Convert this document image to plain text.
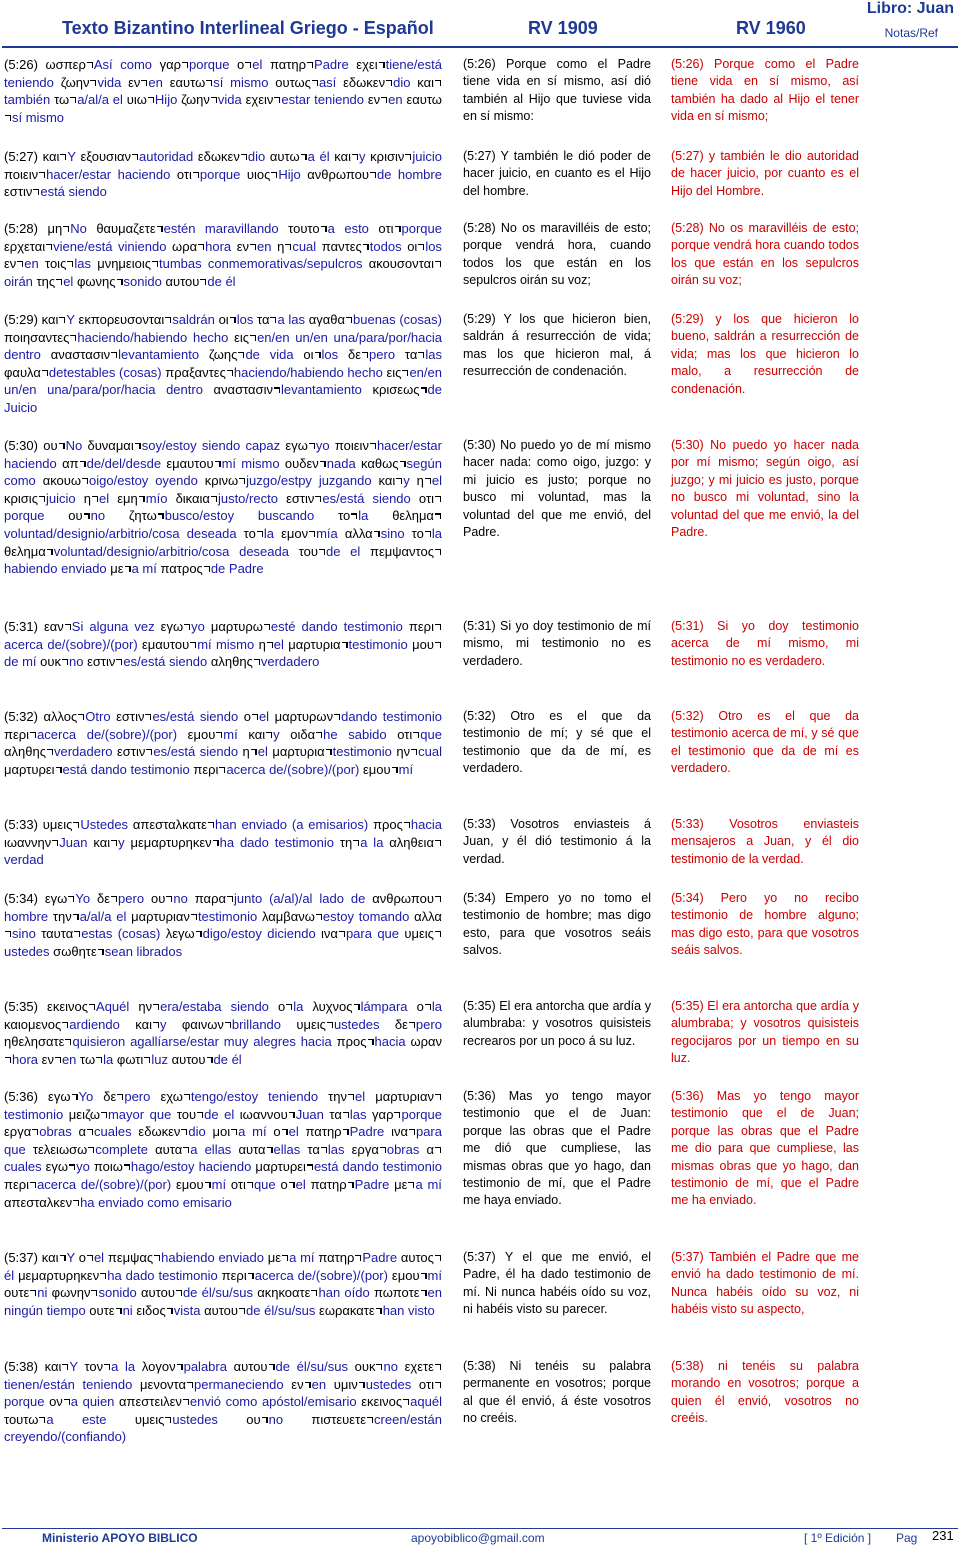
Texto Bizantino Interlineal Griego - Español	RV 1909	RV 1960
Libro: Juan
Notas/Ref
(5:26) ωσπερ Así como γαρ porque ο el πατηρ Padre εχει tiene/está teniendo ζωην vida εν en εαυτω sí mismo ουτως así εδωκεν dio καιtambién τω a/al/a el υιω Hijo ζωην vida εχειν estar teniendo εν en εαυτωsí mismo
(5:26) Porque como el Padre tiene vida en sí mismo, así dió también al Hijo que tuviese vida en sí mismo:
(5:26) Porque como el Padre tiene vida en sí mismo, así también ha dado al Hijo el tener vida en sí mismo;
(5:27) και Y εξουσιαν autoridad εδωκεν dio αυτω a él και y κρισιν juicio ποιειν hacer/estar haciendo οτι porque υιος Hijo ανθρωπου de hombre εστιν está siendo
(5:27) Y también le dió poder de hacer juicio, en cuanto es el Hijo del hombre.
(5:27) y también le dio autoridad de hacer juicio, por cuanto es el Hijo del Hombre.
(5:28) μη No θαυμαζετε estén maravillando τουτο a esto οτι porque ερχεται viene/está viniendo ωρα hora εν en η cual παντες todos οι los εν en τοις las μνημειοις tumbas conmemorativas/sepulcros ακουσονταιoirán της el φωνης sonido αυτου de él
(5:28) No os maravilléis de esto; porque vendrá hora, cuando todos los que están en los sepulcros oirán su voz;
(5:28) No os maravilléis de esto; porque vendrá hora cuando todos los que están en los sepulcros oirán su voz;
(5:29) και Y εκπορευσονται saldrán οι los τα a las αγαθα buenas (cosas) ποιησαντες haciendo/habiendo hecho εις en/en un/en una/para/por/hacia dentro αναστασιν levantamiento ζωης de vida οι los δε pero τα las φαυλα detestables (cosas) πραξαντες haciendo/habiendo hecho εις en/en un/en una/para/por/hacia dentro αναστασιν levantamiento κρισεως de Juicio
(5:29) Y los que hicieron bien, saldrán á resurrección de vida; mas los que hicieron mal, á resurrección de condenación.
(5:29) y los que hicieron lo bueno, saldrán a resurrección de vida; mas los que hicieron lo malo, a resurrección de condenación.
(5:30) ου No δυναμαι soy/estoy siendo capaz εγω yo ποιειν hacer/estar haciendo απ de/del/desde εμαυτου mí mismo ουδεν nada καθως según como ακουω oigo/estoy oyendo κρινω juzgo/estpy juzgando και y η el κρισις juicio η el εμη mío δικαια justo/recto εστιν es/está siendo οτιporque ου no ζητω busco/estoy buscando το la θελημαvoluntad/designio/arbitrio/cosa deseada το la εμον mía αλλα sino το la θελημα voluntad/designio/arbitrio/cosa deseada του de el πεμψαντοςhabiendo enviado με a mí πατρος de Padre
(5:30) No puedo yo de mí mismo hacer nada: como oigo, juzgo: y mi juicio es justo; porque no busco mi voluntad, mas la voluntad del que me envió, del Padre.
(5:30) No puedo yo hacer nada por mí mismo; según oigo, así juzgo; y mi juicio es justo, porque no busco mi voluntad, sino la voluntad del que me envió, la del Padre.
(5:31) εαν Si alguna vez εγω yo μαρτυρω esté dando testimonio περιacerca de/(sobre)/(por) εμαυτου mí mismo η el μαρτυρια testimonio μουde mí ουκ no εστιν es/está siendo αληθης verdadero
(5:31) Si yo doy testimonio de mí mismo, mi testimonio no es verdadero.
(5:31) Si yo doy testimonio acerca de mí mismo, mi testimonio no es verdadero.
(5:32) αλλος Otro εστιν es/está siendo ο el μαρτυρων dando testimonio περι acerca de/(sobre)/(por) εμου mí και y οιδα he sabido οτι que αληθης verdadero εστιν es/está siendo η el μαρτυρια testimonio ην cual μαρτυρει está dando testimonio περι acerca de/(sobre)/(por) εμου mí
(5:32) Otro es el que da testimonio de mí; y sé que el testimonio que da de mí, es verdadero.
(5:32) Otro es el que da testimonio acerca de mí, y sé que el testimonio que da de mí es verdadero.
(5:33) υμεις Ustedes απεσταλκατε han enviado (a emisarios) προς hacia ιωαννην Juan και y μεμαρτυρηκεν ha dado testimonio τη a la αληθειαverdad
(5:33) Vosotros enviasteis á Juan, y él dió testimonio á la verdad.
(5:33) Vosotros enviasteis mensajeros a Juan, y él dio testimonio de la verdad.
(5:34) εγω Yo δε pero ου no παρα junto (a/al)/al lado de ανθρωπουhombre την a/al/a el μαρτυριαν testimonio λαμβανω estoy tomando αλλαsino ταυτα estas (cosas) λεγω digo/estoy diciendo ινα para que υμειςustedes σωθητε sean librados
(5:34) Empero yo no tomo el testimonio de hombre; mas digo esto, para que vosotros seáis salvos.
(5:34) Pero yo no recibo testimonio de hombre alguno; mas digo esto, para que vosotros seáis salvos.
(5:35) εκεινος Aquél ην era/estaba siendo ο la λυχνος lámpara ο la καιομενος ardiendo και y φαινων brillando υμεις ustedes δε pero ηθελησατε quisieron agallíarse/estar muy alegres hacia προς hacia ωρανhora εν en τω la φωτι luz αυτου de él
(5:35) El era antorcha que ardía y alumbraba: y vosotros quisisteis recrearos por un poco á su luz.
(5:35) El era antorcha que ardía y alumbraba; y vosotros quisisteis regocijaros por un tiempo en su luz.
(5:36) εγω Yo δε pero εχω tengo/estoy teniendo την el μαρτυριανtestimonio μειζω mayor que του de el ιωαννου Juan τα las γαρ porque εργα obras α cuales εδωκεν dio μοι a mí ο el πατηρ Padre ινα para que τελειωσω complete αυτα a ellas αυτα ellas τα las εργα obras αcuales εγω yo ποιω hago/estoy haciendo μαρτυρει está dando testimonio περι acerca de/(sobre)/(por) εμου mí οτι que ο el πατηρ Padre με a mí απεσταλκεν ha enviado como emisario
(5:36) Mas yo tengo mayor testimonio que el de Juan: porque las obras que el Padre me dió que cumpliese, las mismas obras que yo hago, dan testimonio de mí, que el Padre me haya enviado.
(5:36) Mas yo tengo mayor testimonio que el de Juan; porque las obras que el Padre me dio para que cumpliese, las mismas obras que yo hago, dan testimonio de mí, que el Padre me ha enviado.
(5:37) και Y ο el πεμψας habiendo enviado με a mí πατηρ Padre αυτοςél μεμαρτυρηκεν ha dado testimonio περι acerca de/(sobre)/(por) εμου mí ουτε ni φωνην sonido αυτου de él/su/sus ακηκοατε han oído πωποτε en ningún tiempo ουτε ni ειδος vista αυτου de él/su/sus εωρακατε han visto
(5:37) Y el que me envió, el Padre, él ha dado testimonio de mí. Ni nunca habéis oído su voz, ni habéis visto su parecer.
(5:37) También el Padre que me envió ha dado testimonio de mí. Nunca habéis oído su voz, ni habéis visto su aspecto,
(5:38) και Y τον a la λογον palabra αυτου de él/su/sus ουκ no εχετεtienen/están teniendo μενοντα permaneciendo εν en υμιν ustedes οτιporque ον a quien απεστειλεν envió como apóstol/emisario εκεινος aquél τουτω a este υμεις ustedes ου no πιστευετε creen/están creyendo/(confiando)
(5:38) Ni tenéis su palabra permanente en vosotros; porque al que él envió, á éste vosotros no creéis.
(5:38) ni tenéis su palabra morando en vosotros; porque a quien él envió, vosotros no creéis.
Ministerio APOYO BIBLICO	apoyobiblico@gmail.com	[ 1º Edición ] Pag 231
